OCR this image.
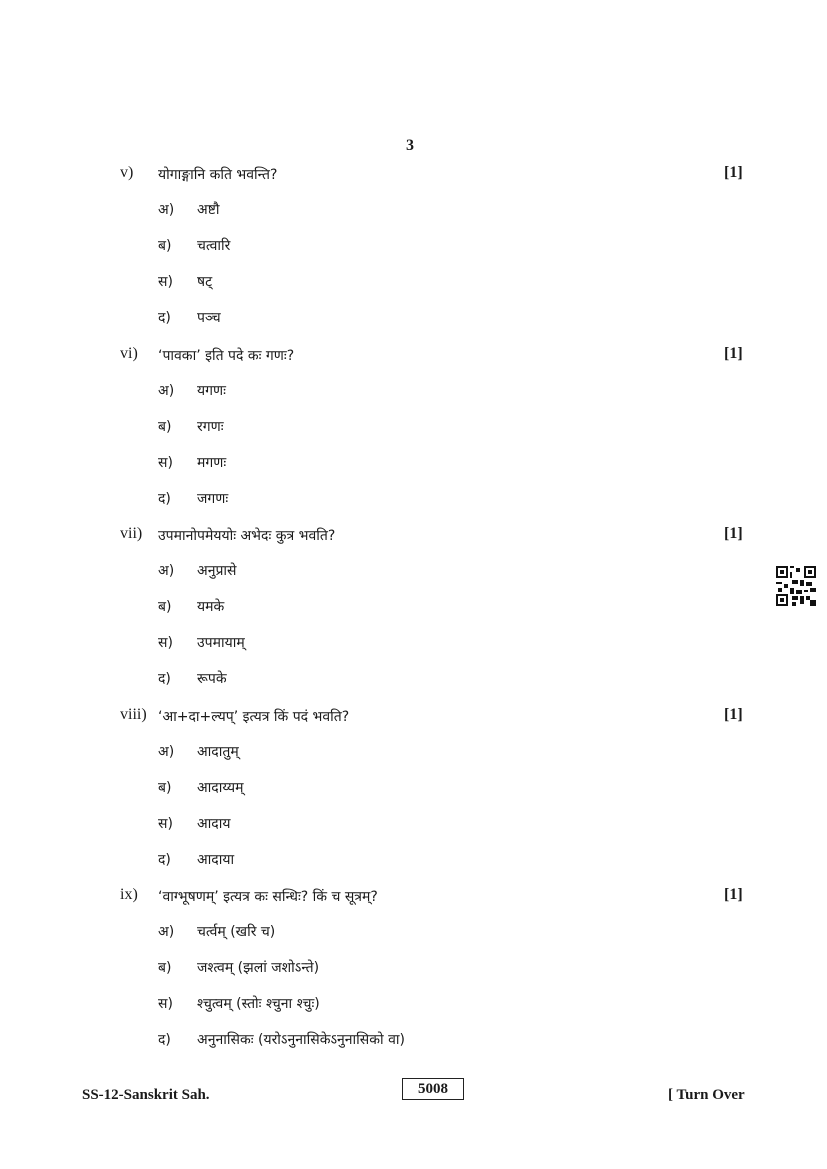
3
v) योगाङ्गानि कति भवन्ति?	[1]
अ) अष्टौ
ब) चत्वारि
स) षट्
द) पञ्च
vi) ‘पावका’ इति पदे कः गणः?	[1]
अ) यगणः
ब) रगणः
स) मगणः
द) जगणः
vii) उपमानोपमेययोः अभेदः कुत्र भवति?	[1]
अ) अनुप्रासे
ब) यमके
स) उपमायाम्
द) रूपके
viii) ‘आ+दा+ल्यप्’ इत्यत्र किं पदं भवति?	[1]
अ) आदातुम्
ब) आदाय्यम्
स) आदाय
द) आदाया
ix) ‘वाग्भूषणम्’ इत्यत्र कः सन्धिः? किं च सूत्रम्?	[1]
अ) चर्त्वम् (खरि च)
ब) जश्त्वम् (झलां जशोऽन्ते)
स) श्चुत्वम् (स्तोः श्चुना श्चुः)
द) अनुनासिकः (यरोऽनुनासिकेऽनुनासिको वा)
SS-12-Sanskrit Sah.	5008	[ Turn Over
